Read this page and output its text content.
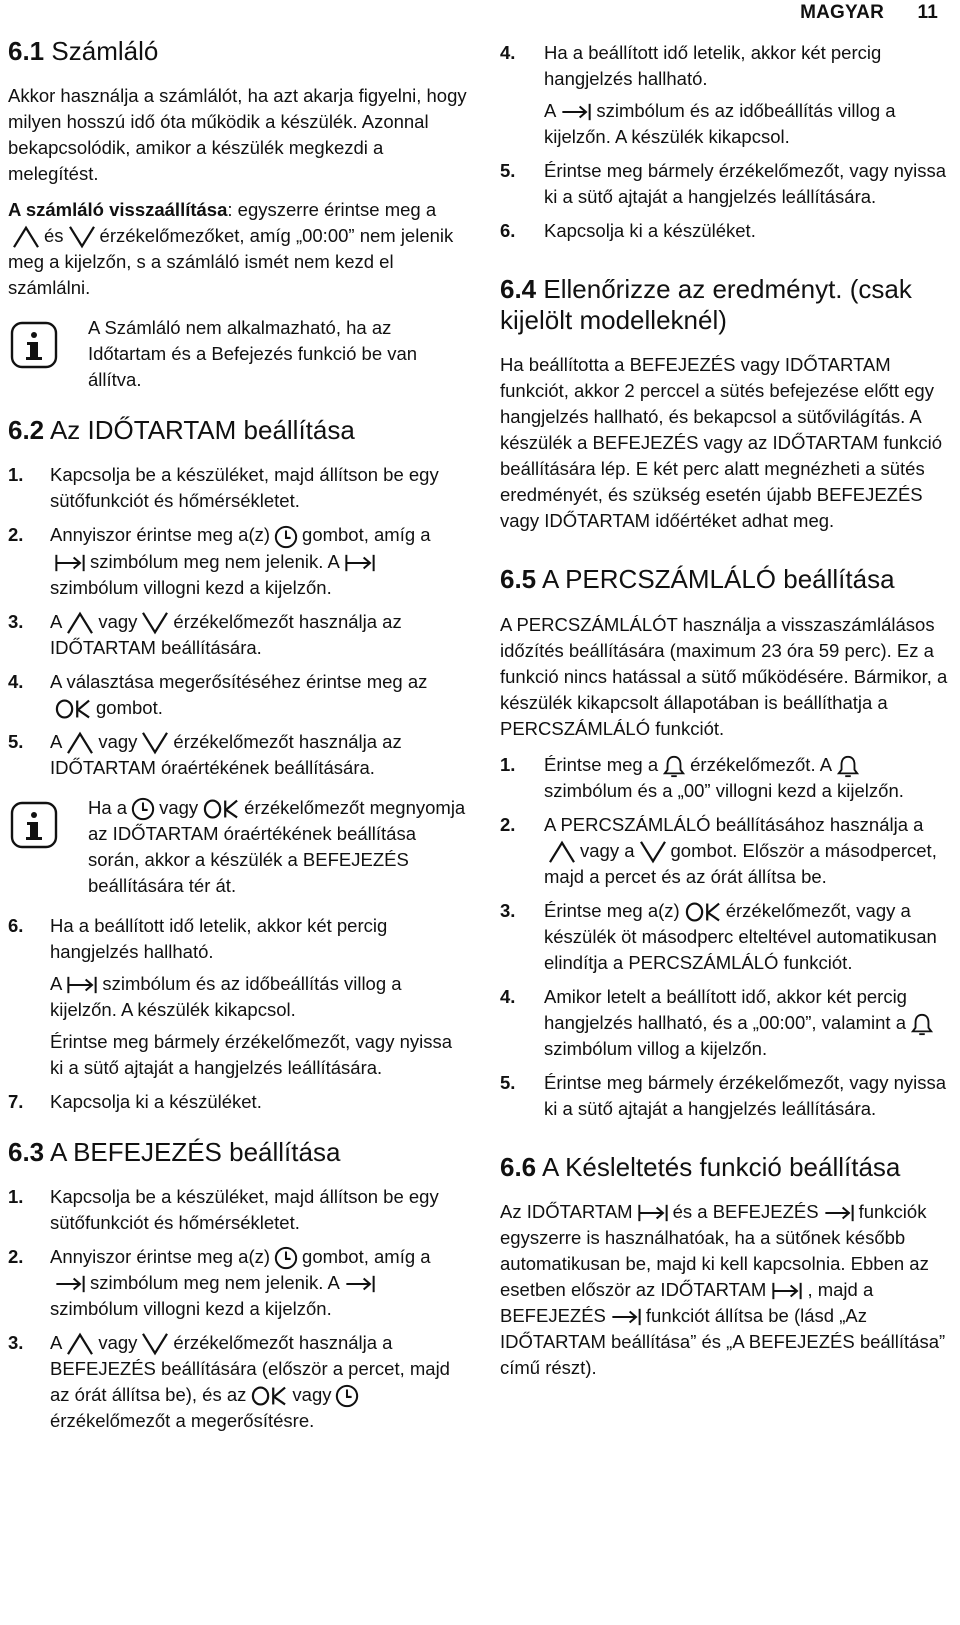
MAGYAR 11
6.1 Számláló

Akkor használja a számlálót, ha azt akarja figyelni, hogy milyen hosszú idő óta működik a készülék. Azonnal bekapcsolódik, amikor a készülék megkezdi a melegítést.

A számláló visszaállítása: egyszerre érintse meg a és érzékelőmezőket, amíg „00:00” nem jelenik meg a kijelzőn, s a számláló ismét nem kezd el számlálni.

A Számláló nem alkalmazható, ha az Időtartam és a Befejezés funkció be van állítva.

6.2 Az IDŐTARTAM beállítása
1. Kapcsolja be a készüléket, majd állítson be egy sütőfunkciót és hőmérsékletet.
2. Annyiszor érintse meg a(z) gombot, amíg aszimbólum meg nem jelenik. A szimbólum villogni kezd a kijelzőn.
3. A vagy érzékelőmezőt használja az IDŐTARTAM beállítására.
4. A választása megerősítéséhez érintse meg azgombot.
5. A vagy érzékelőmezőt használja az IDŐTARTAM óraértékének beállítására.

Ha a vagy érzékelőmezőt megnyomja az IDŐTARTAM óraértékének beállítása során, akkor a készülék a BEFEJEZÉS beállítására tér át.

6. Ha a beállított idő letelik, akkor két percig hangjelzés hallható.

A szimbólum és az időbeállítás villog a kijelzőn. A készülék kikapcsol.

Érintse meg bármely érzékelőmezőt, vagy nyissa ki a sütő ajtaját a hangjelzés leállítására.

7. Kapcsolja ki a készüléket.
6.3 A BEFEJEZÉS beállítása
1. Kapcsolja be a készüléket, majd állítson be egy sütőfunkciót és hőmérsékletet.
2. Annyiszor érintse meg a(z) gombot, amíg aszimbólum meg nem jelenik. A szimbólum villogni kezd a kijelzőn.
3. A vagy érzékelőmezőt használja a BEFEJEZÉS beállítására (először a percet, majd az órát állítsa be), és az vagyérzékelőmezőt a megerősítésre.
4. Ha a beállított idő letelik, akkor két percig hangjelzés hallható.

A szimbólum és az időbeállítás villog a kijelzőn. A készülék kikapcsol.

5. Érintse meg bármely érzékelőmezőt, vagy nyissa ki a sütő ajtaját a hangjelzés leállítására.
6. Kapcsolja ki a készüléket.
6.4 Ellenőrizze az eredményt. (csak kijelölt modelleknél)

Ha beállította a BEFEJEZÉS vagy IDŐTARTAM funkciót, akkor 2 perccel a sütés befejezése előtt egy hangjelzés hallható, és bekapcsol a sütővilágítás. A készülék a BEFEJEZÉS vagy az IDŐTARTAM funkció beállítására lép. E két perc alatt megnézheti a sütés eredményét, és szükség esetén újabb BEFEJEZÉS vagy IDŐTARTAM időértéket adhat meg.

6.5 A PERCSZÁMLÁLÓ beállítása

A PERCSZÁMLÁLÓT használja a visszaszámlálásos időzítés beállítására (maximum 23 óra 59 perc). Ez a funkció nincs hatással a sütő működésére. Bármikor, a készülék kikapcsolt állapotában is beállíthatja a PERCSZÁMLÁLÓ funkciót.

1. Érintse meg a érzékelőmezőt. Aszimbólum és a „00” villogni kezd a kijelzőn.
2. A PERCSZÁMLÁLÓ beállításához használja avagy a gombot. Először a másodpercet, majd a percet és az órát állítsa be.
3. Érintse meg a(z) érzékelőmezőt, vagy a készülék öt másodperc elteltével automatikusan elindítja a PERCSZÁMLÁLÓ funkciót.
4. Amikor letelt a beállított idő, akkor két percig hangjelzés hallható, és a „00:00”, valamint aszimbólum villog a kijelzőn.
5. Érintse meg bármely érzékelőmezőt, vagy nyissa ki a sütő ajtaját a hangjelzés leállítására.
6.6 A Késleltetés funkció beállítása

Az IDŐTARTAM és a BEFEJEZÉS funkciók egyszerre is használhatóak, ha a sütőnek később automatikusan be, majd ki kell kapcsolnia. Ebben az esetben először az IDŐTARTAM , majd a BEFEJEZÉS funkciót állítsa be (lásd „Az IDŐTARTAM beállítása” és „A BEFEJEZÉS beállítása” című részt).
